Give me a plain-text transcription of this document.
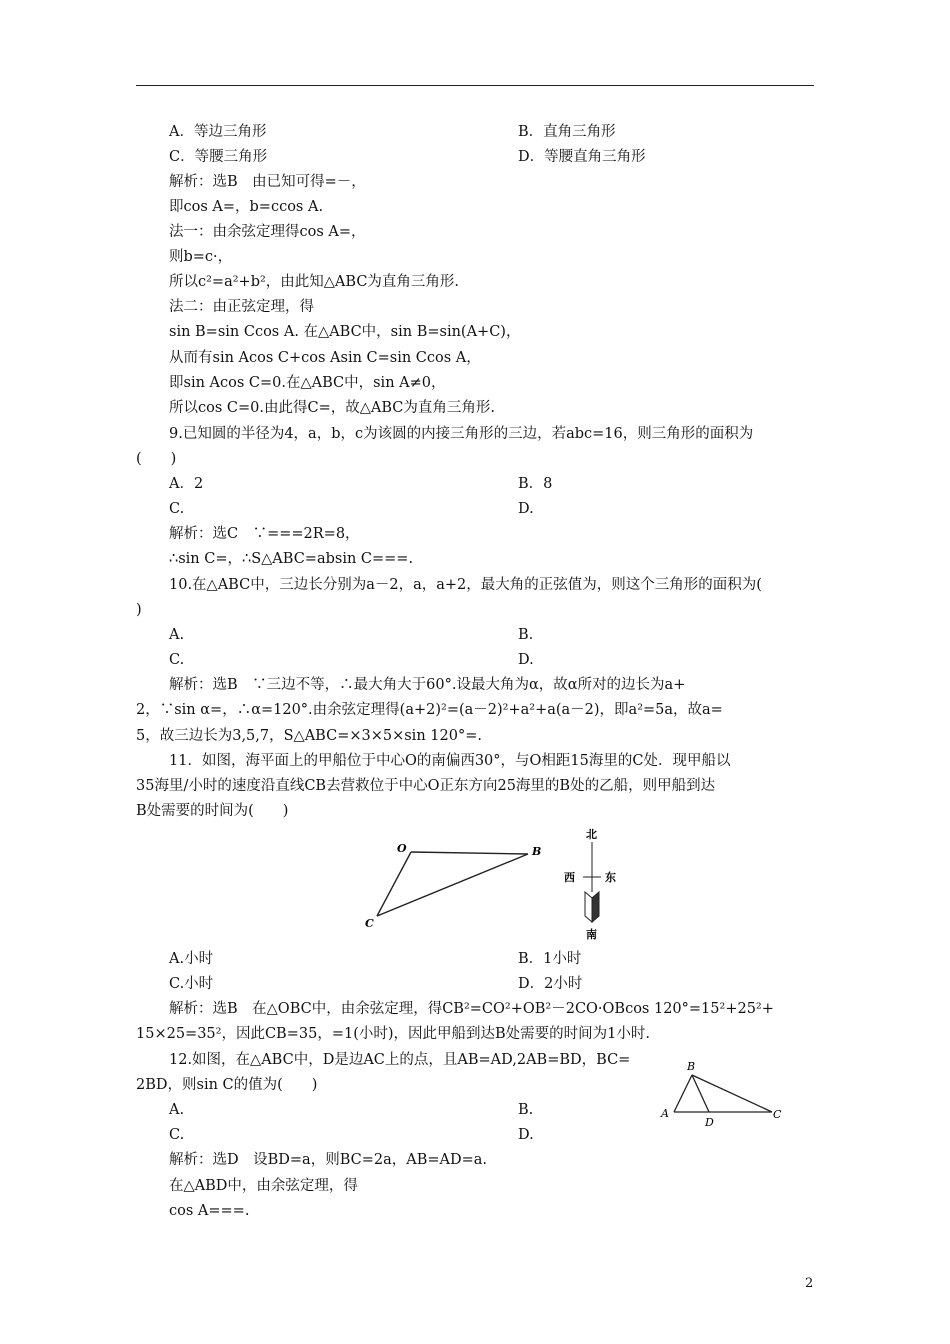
A．等边三角形	B．直角三角形
C．等腰三角形	D．等腰直角三角形
解析：选B　由已知可得=－，
即cos A=，b=ccos A.
法一：由余弦定理得cos A=，
则b=c·，
所以c²=a²+b²，由此知△ABC为直角三角形.
法二：由正弦定理，得
sin B=sin Ccos A. 在△ABC中，sin B=sin(A+C)，
从而有sin Acos C+cos Asin C=sin Ccos A，
即sin Acos C=0.在△ABC中，sin A≠0，
所以cos C=0.由此得C=，故△ABC为直角三角形.
9.已知圆的半径为4，a，b，c为该圆的内接三角形的三边，若abc=16，则三角形的面积为
(　　)
A．2	B．8
C.	D.
解析：选C　∵===2R=8，
∴sin C=，∴S△ABC=absin C===.
10.在△ABC中，三边长分别为a－2，a，a+2，最大角的正弦值为，则这个三角形的面积为(
)
A.	B.
C.	D.
解析：选B　∵三边不等，∴最大角大于60°.设最大角为α，故α所对的边长为a+
2，∵sin α=，∴α=120°.由余弦定理得(a+2)²=(a－2)²+a²+a(a－2)，即a²=5a，故a=
5，故三边长为3,5,7，S△ABC=×3×5×sin 120°=.
11．如图，海平面上的甲船位于中心O的南偏西30°，与O相距15海里的C处．现甲船以
35海里/小时的速度沿直线CB去营救位于中心O正东方向25海里的B处的乙船，则甲船到达
B处需要的时间为(　　)
O	B
C
北
西	东
南
A.小时	B．1小时
C.小时	D．2小时
解析：选B　在△OBC中，由余弦定理，得CB²=CO²+OB²－2CO·OBcos 120°=15²+25²+
15×25=35²，因此CB=35，=1(小时)，因此甲船到达B处需要的时间为1小时.
12.如图，在△ABC中，D是边AC上的点，且AB=AD,2AB=BD，BC=
2BD，则sin C的值为(　　)
A.	B.
C.	D.
B
A
D
C
解析：选D　设BD=a，则BC=2a，AB=AD=a.
在△ABD中，由余弦定理，得
cos A===.
2
